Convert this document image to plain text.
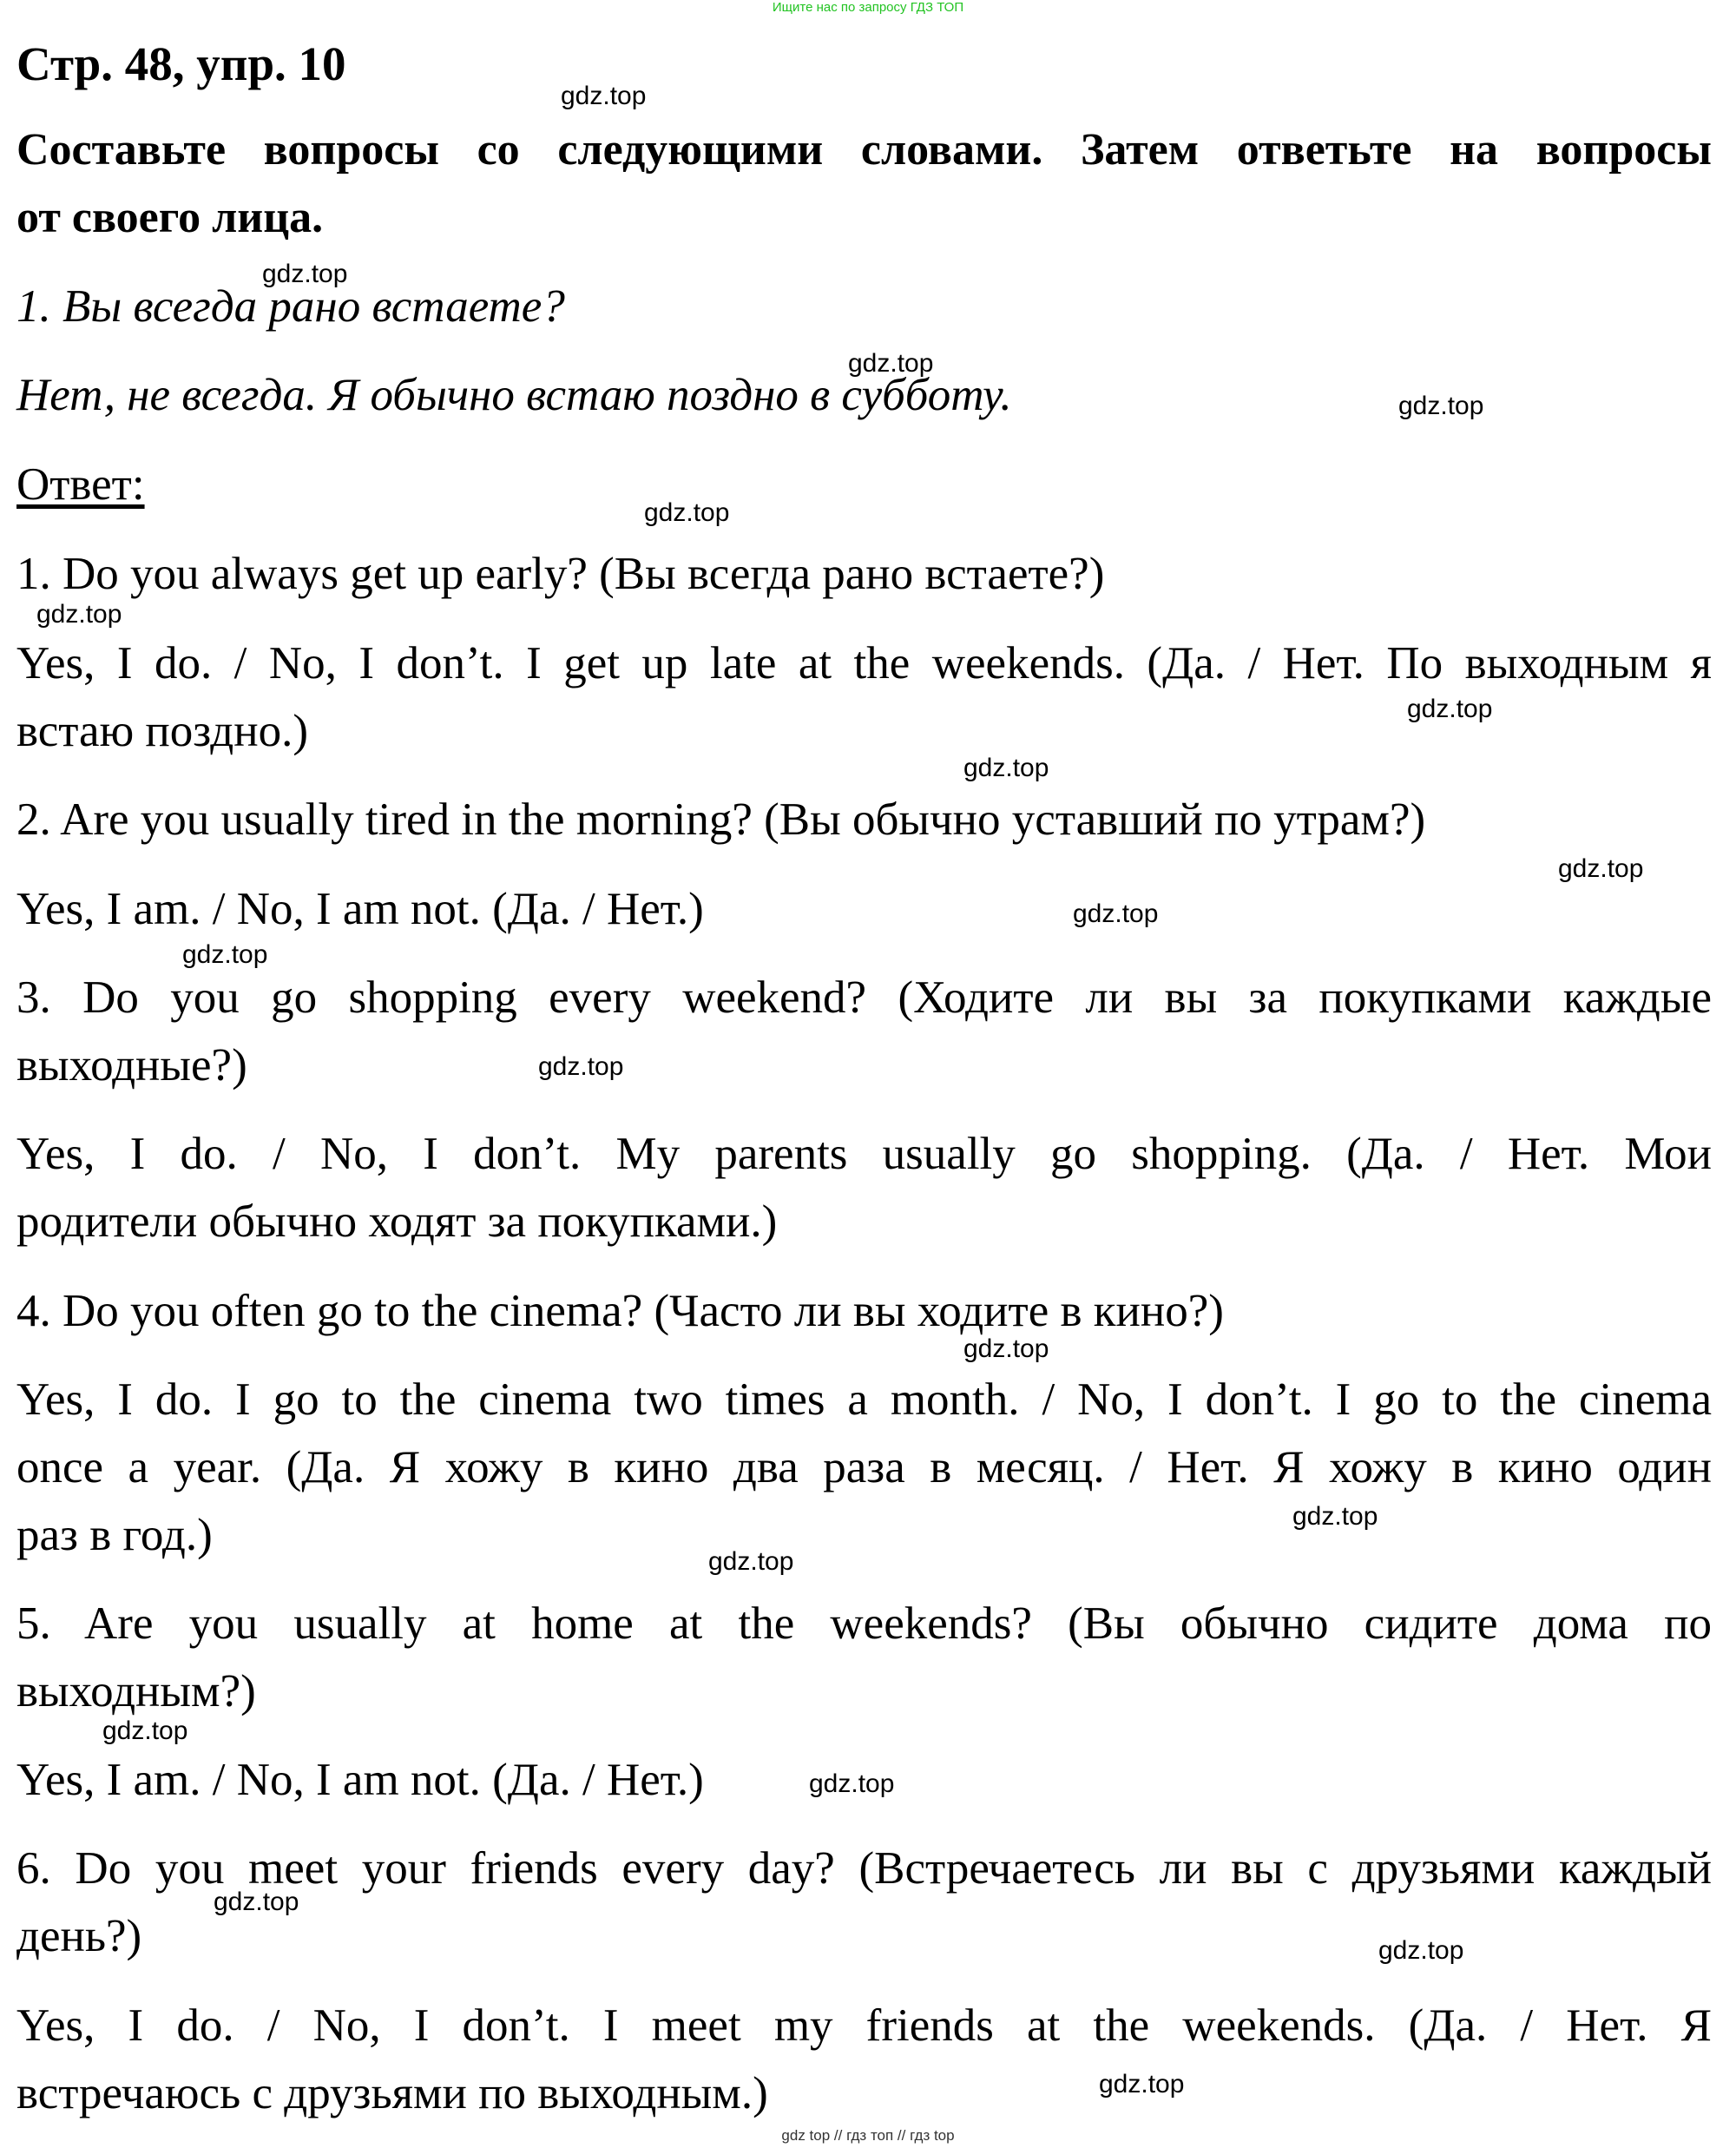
Ищите нас по запросу ГДЗ ТОП

Стр. 48, упр. 10

Составьте вопросы со следующими словами. Затем ответьте на вопросы

от своего лица.

1. Вы всегда рано встаете?

Нет, не всегда. Я обычно встаю поздно в субботу.

Ответ:

1. Do you always get up early? (Вы всегда рано встаете?)

Yes, I do. / No, I don’t. I get up late at the weekends. (Да. / Нет. По выходным я

встаю поздно.)

2. Are you usually tired in the morning? (Вы обычно уставший по утрам?)

Yes, I am. / No, I am not. (Да. / Нет.)

3. Do you go shopping every weekend? (Ходите ли вы за покупками каждые

выходные?)

Yes, I do. / No, I don’t. My parents usually go shopping. (Да. / Нет. Мои

родители обычно ходят за покупками.)

4. Do you often go to the cinema? (Часто ли вы ходите в кино?)

Yes, I do. I go to the cinema two times a month. / No, I don’t. I go to the cinema

once a year. (Да. Я хожу в кино два раза в месяц. / Нет. Я хожу в кино один

раз в год.)

5. Are you usually at home at the weekends? (Вы обычно сидите дома по

выходным?)

Yes, I am. / No, I am not. (Да. / Нет.)

6. Do you meet your friends every day? (Встречаетесь ли вы с друзьями каждый

день?)

Yes, I do. / No, I don’t. I meet my friends at the weekends. (Да. / Нет. Я

встречаюсь с друзьями по выходным.)

gdz.top
gdz.top
gdz.top
gdz.top
gdz.top
gdz.top
gdz.top
gdz.top
gdz.top
gdz.top
gdz.top
gdz.top
gdz.top
gdz.top
gdz.top
gdz.top
gdz.top
gdz.top
gdz.top
gdz.top
gdz top // гдз топ // гдз top
